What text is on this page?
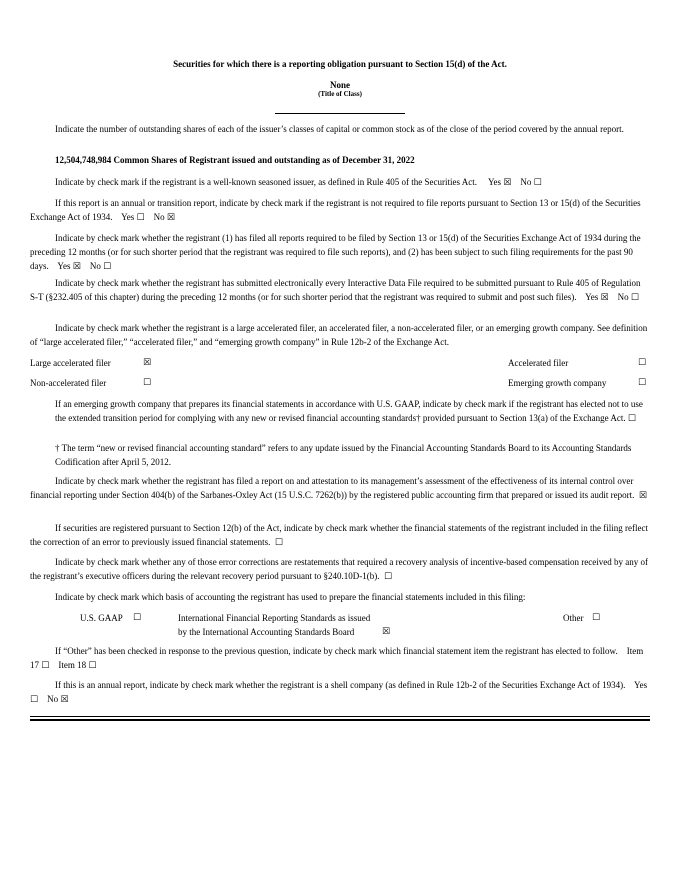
Securities for which there is a reporting obligation pursuant to Section 15(d) of the Act.
None
(Title of Class)
Indicate the number of outstanding shares of each of the issuer’s classes of capital or common stock as of the close of the period covered by the annual report.
12,504,748,984 Common Shares of Registrant issued and outstanding as of December 31, 2022
Indicate by check mark if the registrant is a well-known seasoned issuer, as defined in Rule 405 of the Securities Act. Yes ☒ No ☐
If this report is an annual or transition report, indicate by check mark if the registrant is not required to file reports pursuant to Section 13 or 15(d) of the Securities Exchange Act of 1934. Yes ☐ No ☒
Indicate by check mark whether the registrant (1) has filed all reports required to be filed by Section 13 or 15(d) of the Securities Exchange Act of 1934 during the preceding 12 months (or for such shorter period that the registrant was required to file such reports), and (2) has been subject to such filing requirements for the past 90 days. Yes ☒ No ☐
Indicate by check mark whether the registrant has submitted electronically every Interactive Data File required to be submitted pursuant to Rule 405 of Regulation S-T (§232.405 of this chapter) during the preceding 12 months (or for such shorter period that the registrant was required to submit and post such files). Yes ☒ No ☐
Indicate by check mark whether the registrant is a large accelerated filer, an accelerated filer, a non-accelerated filer, or an emerging growth company. See definition of “large accelerated filer,” “accelerated filer,” and “emerging growth company” in Rule 12b-2 of the Exchange Act.
Large accelerated filer	☒	Accelerated filer	☐
Non-accelerated filer	☐	Emerging growth company	☐
If an emerging growth company that prepares its financial statements in accordance with U.S. GAAP, indicate by check mark if the registrant has elected not to use the extended transition period for complying with any new or revised financial accounting standards† provided pursuant to Section 13(a) of the Exchange Act. ☐
† The term “new or revised financial accounting standard” refers to any update issued by the Financial Accounting Standards Board to its Accounting Standards Codification after April 5, 2012.
Indicate by check mark whether the registrant has filed a report on and attestation to its management’s assessment of the effectiveness of its internal control over financial reporting under Section 404(b) of the Sarbanes-Oxley Act (15 U.S.C. 7262(b)) by the registered public accounting firm that prepared or issued its audit report. ☒
If securities are registered pursuant to Section 12(b) of the Act, indicate by check mark whether the financial statements of the registrant included in the filing reflect the correction of an error to previously issued financial statements. ☐
Indicate by check mark whether any of those error corrections are restatements that required a recovery analysis of incentive-based compensation received by any of the registrant’s executive officers during the relevant recovery period pursuant to §240.10D-1(b). ☐
Indicate by check mark which basis of accounting the registrant has used to prepare the financial statements included in this filing:
U.S. GAAP ☐	International Financial Reporting Standards as issued
by the International Accounting Standards Board	☒
Other ☐
If “Other” has been checked in response to the previous question, indicate by check mark which financial statement item the registrant has elected to follow. Item 17 ☐ Item 18 ☐
If this is an annual report, indicate by check mark whether the registrant is a shell company (as defined in Rule 12b-2 of the Securities Exchange Act of 1934). Yes ☐ No ☒
